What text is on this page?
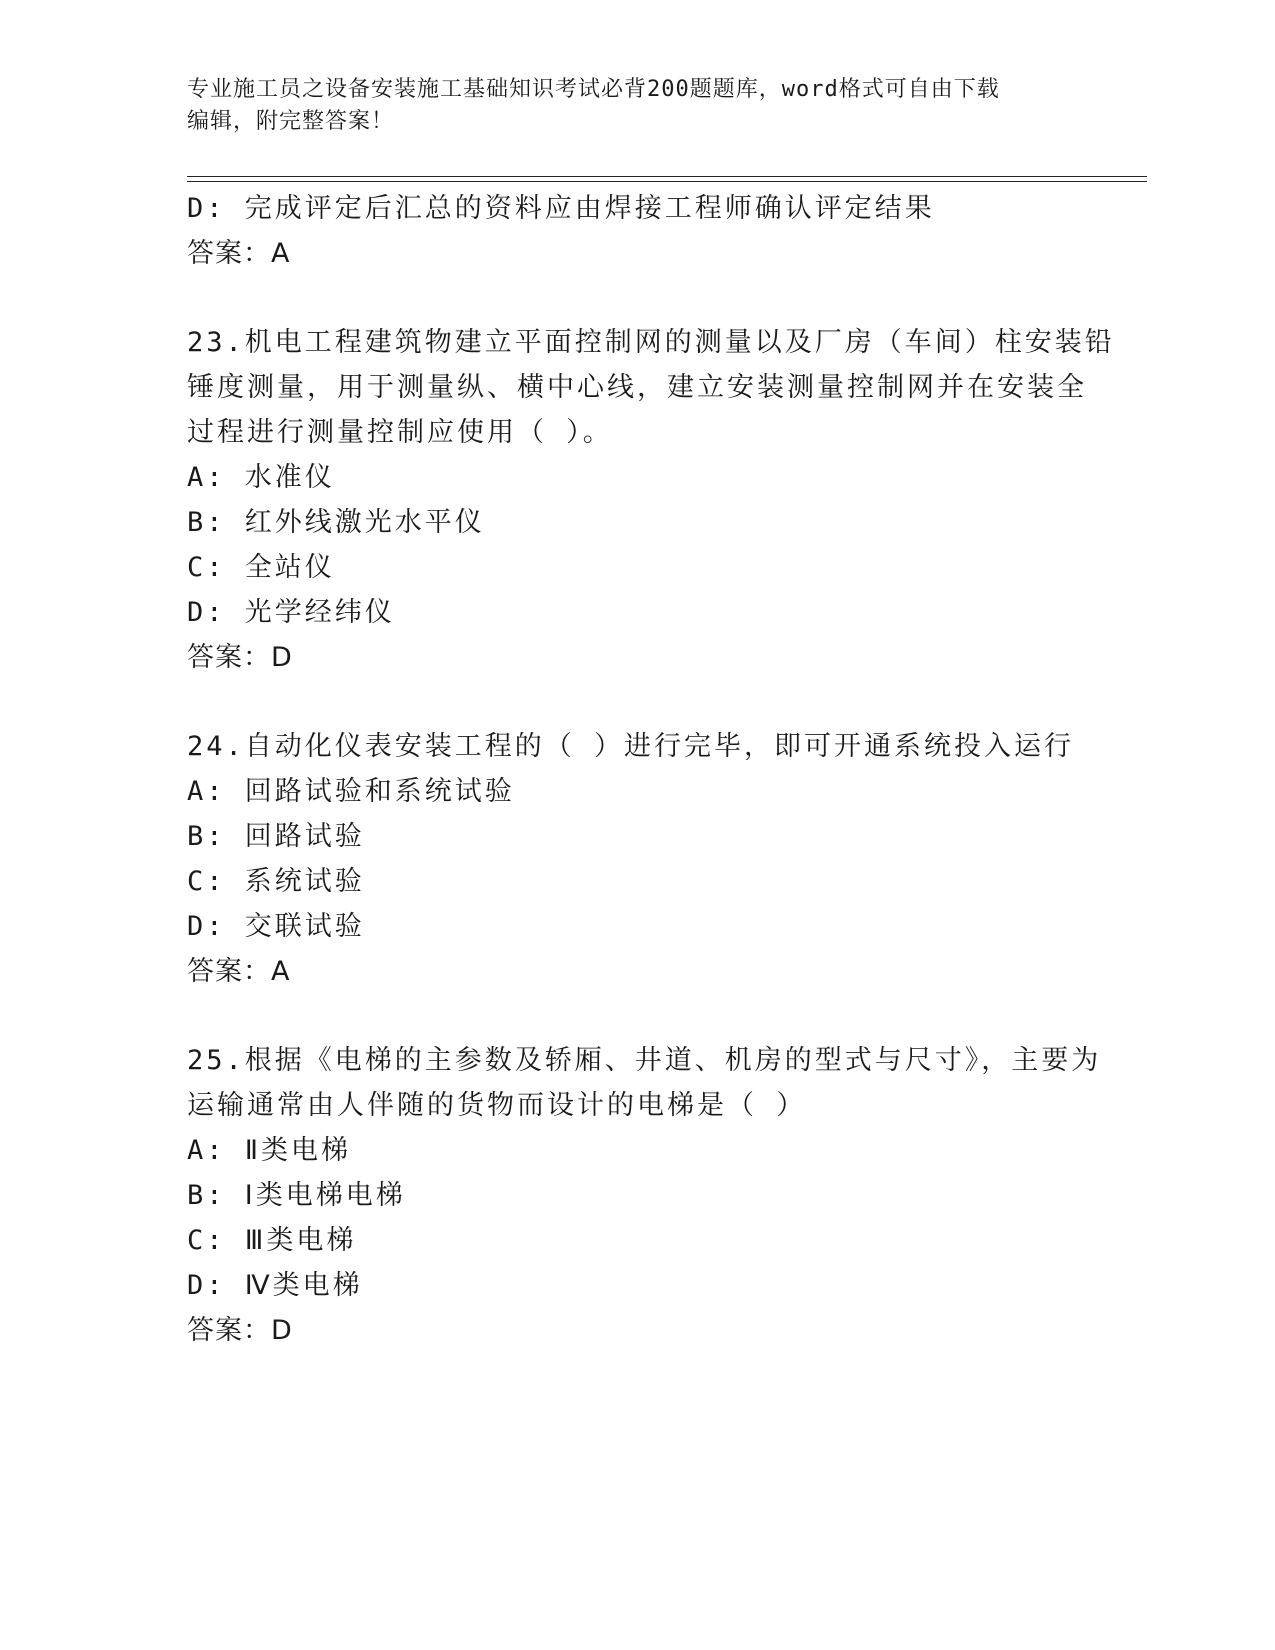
专业施工员之设备安装施工基础知识考试必背200题题库，word格式可自由下载
编辑，附完整答案！
D: 完成评定后汇总的资料应由焊接工程师确认评定结果
答案：A
23.机电工程建筑物建立平面控制网的测量以及厂房（车间）柱安装铅
锤度测量，用于测量纵、横中心线，建立安装测量控制网并在安装全
过程进行测量控制应使用（ ）。
A: 水准仪
B: 红外线激光水平仪
C: 全站仪
D: 光学经纬仪
答案：D
24.自动化仪表安装工程的（ ）进行完毕，即可开通系统投入运行
A: 回路试验和系统试验
B: 回路试验
C: 系统试验
D: 交联试验
答案：A
25.根据《电梯的主参数及轿厢、井道、机房的型式与尺寸》，主要为
运输通常由人伴随的货物而设计的电梯是（ ）
A: Ⅱ类电梯
B: Ⅰ类电梯电梯
C: Ⅲ类电梯
D: Ⅳ类电梯
答案：D
